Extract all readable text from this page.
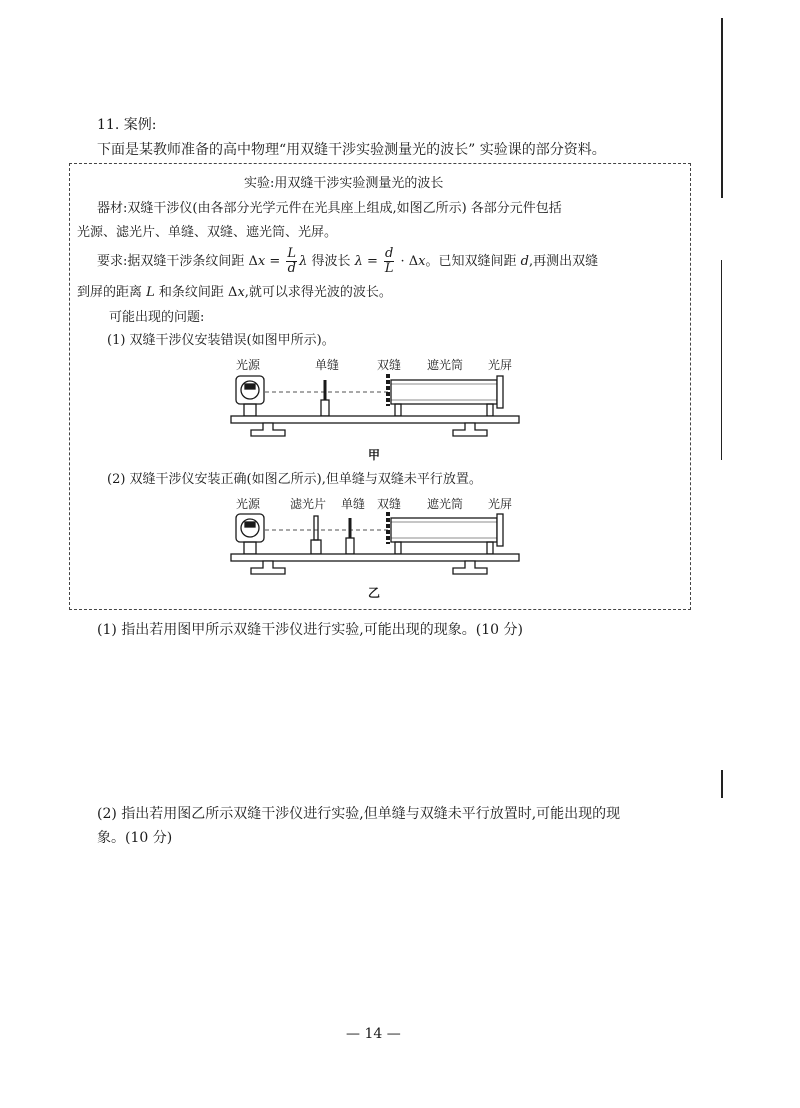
11. 案例:
下面是某教师准备的高中物理“用双缝干涉实验测量光的波长” 实验课的部分资料。
实验:用双缝干涉实验测量光的波长
器材:双缝干涉仪(由各部分光学元件在光具座上组成,如图乙所示) 各部分元件包括
光源、滤光片、单缝、双缝、遮光筒、光屏。
要求:据双缝干涉条纹间距 $\Delta x = \frac{L}{d}$ λ 得波长 $\lambda = \frac{d}{L} \cdot \Delta x$。已知双缝间距 d,再测出双缝
到屏的距离 L 和条纹间距 Δx,就可以求得光波的波长。
可能出现的问题:
(1) 双缝干涉仪安装错误(如图甲所示)。
光源	单缝	双缝 遮光筒 光屏
甲
(2) 双缝干涉仪安装正确(如图乙所示),但单缝与双缝未平行放置。
光源 滤光片 单缝 双缝 遮光筒 光屏
乙
(1) 指出若用图甲所示双缝干涉仪进行实验,可能出现的现象。(10 分)
(2) 指出若用图乙所示双缝干涉仪进行实验,但单缝与双缝未平行放置时,可能出现的现
象。(10 分)
— 14 —
